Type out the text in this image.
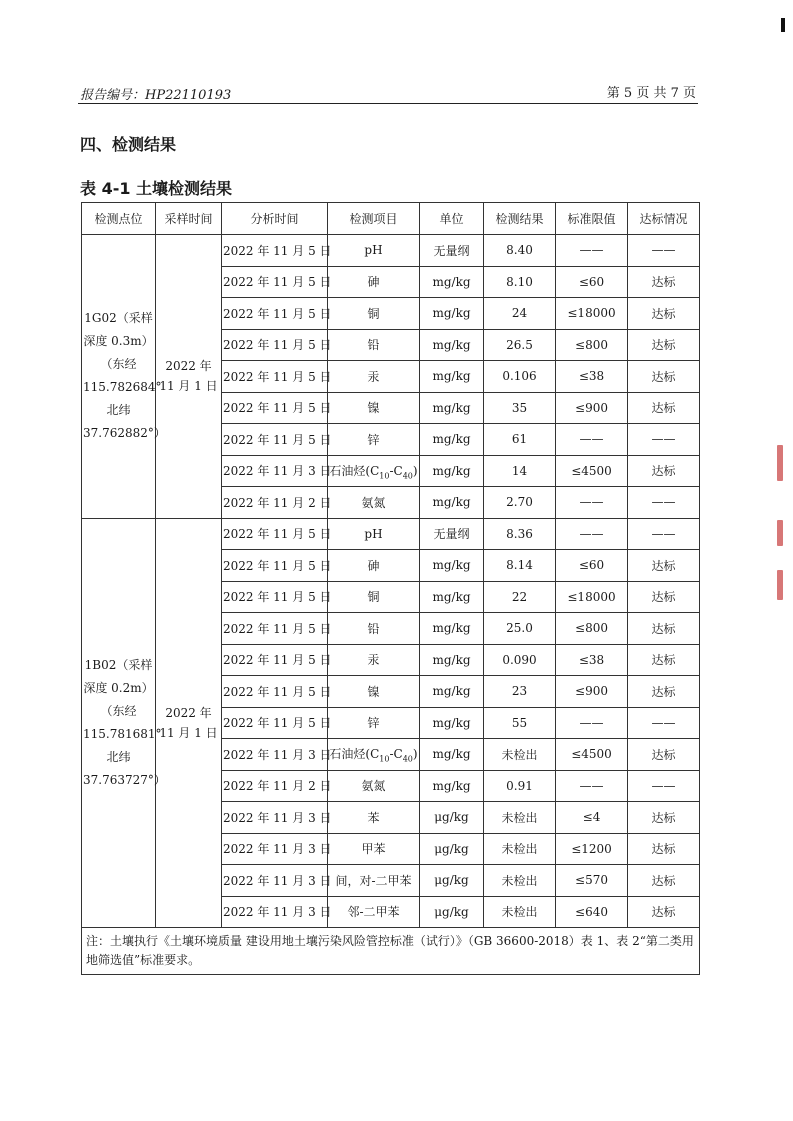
报告编号：HP22110193	第 5 页 共 7 页
四、检测结果
表 4-1 土壤检测结果
检测点位	采样时间	分析时间	检测项目	单位	检测结果	标准限值	达标情况
1G02（采样深度 0.3m）（东经 115.782684° 北纬 37.762882°）	2022 年 11 月 1 日	2022 年 11 月 5 日	pH	无量纲	8.40	——	——
		2022 年 11 月 5 日	砷	mg/kg	8.10	≤60	达标
		2022 年 11 月 5 日	铜	mg/kg	24	≤18000	达标
		2022 年 11 月 5 日	铅	mg/kg	26.5	≤800	达标
		2022 年 11 月 5 日	汞	mg/kg	0.106	≤38	达标
		2022 年 11 月 5 日	镍	mg/kg	35	≤900	达标
		2022 年 11 月 5 日	锌	mg/kg	61	——	——
		2022 年 11 月 3 日	石油烃$(C_{10}-C_{40})$	mg/kg	14	≤4500	达标
		2022 年 11 月 2 日	氨氮	mg/kg	2.70	——	——
1B02（采样深度 0.2m）（东经 115.781681° 北纬 37.763727°）	2022 年 11 月 1 日	2022 年 11 月 5 日	pH	无量纲	8.36	——	——
		2022 年 11 月 5 日	砷	mg/kg	8.14	≤60	达标
		2022 年 11 月 5 日	铜	mg/kg	22	≤18000	达标
		2022 年 11 月 5 日	铅	mg/kg	25.0	≤800	达标
		2022 年 11 月 5 日	汞	mg/kg	0.090	≤38	达标
		2022 年 11 月 5 日	镍	mg/kg	23	≤900	达标
		2022 年 11 月 5 日	锌	mg/kg	55	——	——
		2022 年 11 月 3 日	石油烃$(C_{10}-C_{40})$	mg/kg	未检出	≤4500	达标
		2022 年 11 月 2 日	氨氮	mg/kg	0.91	——	——
		2022 年 11 月 3 日	苯	μg/kg	未检出	≤4	达标
		2022 年 11 月 3 日	甲苯	μg/kg	未检出	≤1200	达标
		2022 年 11 月 3 日	间，对-二甲苯	μg/kg	未检出	≤570	达标
		2022 年 11 月 3 日	邻-二甲苯	μg/kg	未检出	≤640	达标
注：土壤执行《土壤环境质量 建设用地土壤污染风险管控标准（试行）》（GB 36600-2018）表 1、表 2“第二类用地筛选值”标准要求。							
